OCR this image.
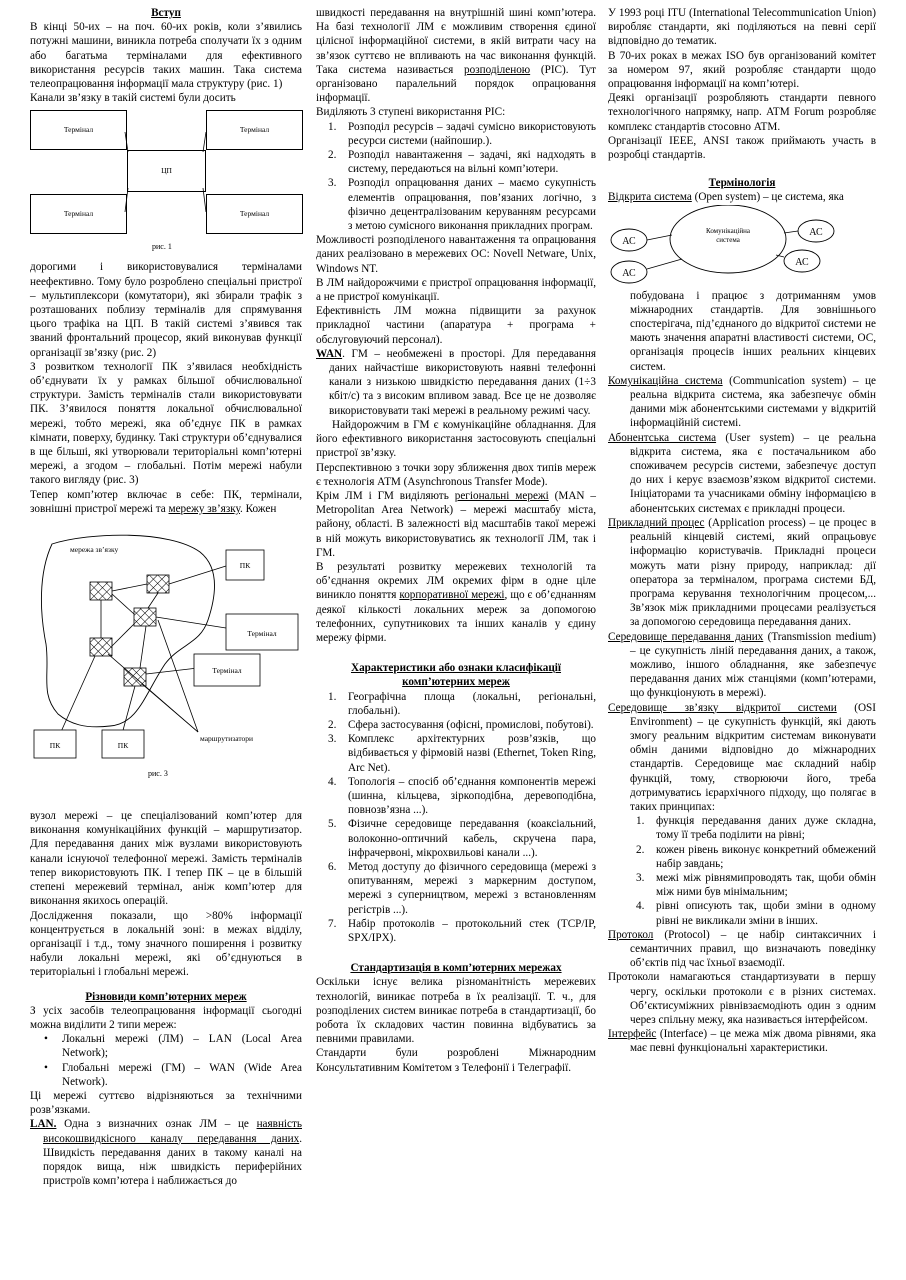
Вступ

В кінці 50-их – на поч. 60-их років, коли з’явились потужні машини, виникла потреба сполучати їх з одним або багатьма терміналами для ефективного використання ресурсів таких машин. Така система телеопрацювання інформації мала структуру (рис. 1)

Канали зв’язку в такій системі були досить

Термінал	Термінал
ЦП
Термінал	Термінал
рис. 1

дорогими і використовувалися терміналами неефективно. Тому було розроблено спеціальні пристрої – мультиплексори (комутатори), які збирали трафік з розташованих поблизу терміналів для спрямування цього трафіка на ЦП. В такій системі з’явився так званий фронтальний процесор, який виконував функції організації зв’язку (рис. 2)

З розвитком технології ПК з’явилася необхідність об’єднувати їх у рамках більшої обчислювальної структури. Замість терміналів стали використовувати ПК. З’явилося поняття локальної обчислювальної мережі, тобто мережі, яка об’єднує ПК в рамках кімнати, поверху, будинку. Такі структури об’єднувалися в ще більші, які утворювали територіальні комп’ютерні мережі, а згодом – глобальні. Потім мережі набули такого вигляду (рис. 3)

Тепер комп’ютер включає в себе: ПК, термінали, зовнішні пристрої мережі та мережу зв’язку. Кожен

мережа зв’язку
ПК
Термінал
Термінал
ПК	ПК
маршрутизатори
рис. 3

вузол мережі – це спеціалізований комп’ютер для виконання комунікаційних функцій – маршрутизатор. Для передавання даних між вузлами використовують канали існуючої телефонної мережі. Замість терміналів тепер використовують ПК. І тепер ПК – це в більшій степені мережевий термінал, аніж комп’ютер для виконання якихось операцій.

Дослідження показали, що >80% інформації концентрується в локальній зоні: в межах відділу, організації і т.д., тому значного поширення і розвитку набули локальні мережі, які об’єднуються в територіальні і глобальні мережі.

Різновиди комп’ютерних мереж

З усіх засобів телеопрацювання інформації сьогодні можна виділити 2 типи мереж:

• Локальні мережі (ЛМ) – LAN (Local Area Network);
• Глобальні мережі (ГМ) – WAN (Wide Area Network).

Ці мережі суттєво відрізняються за технічними розв’язками.

LAN. Одна з визначних ознак ЛМ – це наявність високошвидкісного каналу передавання даних. Швидкість передавання даних в такому каналі на порядок вища, ніж швидкість периферійних пристроїв комп’ютера і наближається до

швидкості передавання на внутрішній шині комп’ютера. На базі технології ЛМ є можливим створення єдиної цілісної інформаційної системи, в якій витрати часу на зв’язок суттєво не впливають на час виконання функцій. Така система називається розподіленою (РІС). Тут організовано паралельний порядок опрацювання інформації.

Виділяють 3 ступені використання РІС:

1. Розподіл ресурсів – задачі сумісно використовують ресурси системи (найпошир.).
2. Розподіл навантаження – задачі, які надходять в систему, передаються на вільні комп’ютери.
3. Розподіл опрацювання даних – маємо сукупність елементів опрацювання, пов’язаних логічно, з фізично децентралізованим керуванням ресурсами з метою сумісного виконання прикладних програм.

Можливості розподіленого навантаження та опрацювання даних реалізовано в мережевих ОС: Novell Netware, Unix, Windows NT.

В ЛМ найдорожчими є пристрої опрацювання інформації, а не пристрої комунікації.

Ефективність ЛМ можна підвищити за рахунок прикладної частини (апаратура + програма + обслуговуючий персонал).

WAN. ГМ – необмежені в просторі. Для передавання даних найчастіше використовують наявні телефонні канали з низькою швидкістю передавання даних (1÷3 кбіт/с) та з високим впливом завад. Все це не дозволяє використовувати такі мережі в реальному режимі часу.

Найдорожчим в ГМ є комунікаційне обладнання. Для його ефективного використання застосовують спеціальні пристрої зв’язку.

Перспективною з точки зору зближення двох типів мереж є технологія АТМ (Asynchronous Transfer Mode).

Крім ЛМ і ГМ виділяють регіональні мережі (MAN – Metropolitan Area Network) – мережі масштабу міста, району, області. В залежності від масштабів такої мережі в ній можуть використовуватись як технології ЛМ, так і ГМ.

В результаті розвитку мережевих технологій та об’єднання окремих ЛМ окремих фірм в одне ціле виникло поняття корпоративної мережі, що є об’єднанням деякої кількості локальних мереж за допомогою телефонних, супутникових та інших каналів у єдину мережу фірми.

Характеристики або ознаки класифікації комп’ютерних мереж

1. Географічна площа (локальні, регіональні, глобальні).
2. Сфера застосування (офісні, промислові, побутові).
3. Комплекс архітектурних розв’язків, що відбивається у фірмовій назві (Ethernet, Token Ring, Arc Net).
4. Топологія – спосіб об’єднання компонентів мережі (шинна, кільцева, зіркоподібна, деревоподібна, повнозв’язна ...).
5. Фізичне середовище передавання (коаксіальний, волоконно-оптичний кабель, скручена пара, інфрачервоні, мікрохвильові канали ...).
6. Метод доступу до фізичного середовища (мережі з опитуванням, мережі з маркерним доступом, мережі з суперництвом, мережі з встановленням регістрів ...).
7. Набір протоколів – протокольний стек (TCP/IP, SPX/IPX).

Стандартизація в комп’ютерних мережах

Оскільки існує велика різноманітність мережевих технологій, виникає потреба в їх реалізації. Т. ч., для розподілених систем виникає потреба в стандартизації, бо робота їх складових частин повинна відбуватись за певними правилами.

Стандарти були розроблені Міжнародним Консультативним Комітетом з Телефонії і Телеграфії.

У 1993 році ITU (International Telecommunication Union) виробляє стандарти, які поділяються на певні серії відповідно до тематик.

В 70-их роках в межах ISO був організований комітет за номером 97, який розробляє стандарти щодо опрацювання інформації на комп’ютері.

Деякі організації розробляють стандарти певного технологічного напрямку, напр. ATM Forum розробляє комплекс стандартів стосовно ATM.

Організації IEEE, ANSI також приймають участь в розробці стандартів.

Термінологія

Відкрита система (Open system) – це система, яка

Комунікаційна
система
АС
АС
АС
АС

побудована і працює з дотриманням умов міжнародних стандартів. Для зовнішнього спостерігача, під’єднаного до відкритої системи не мають значення апаратні властивості системи, ОС, організація процесів інших реальних кінцевих систем.

Комунікаційна система (Communication system) – це реальна відкрита система, яка забезпечує обмін даними між абонентськими системами у відкритій інформаційній системі.

Абонентська система (User system) – це реальна відкрита система, яка є постачальником або споживачем ресурсів системи, забезпечує доступ до них і керує взаємозв’язком відкритої системи. Ініціаторами та учасниками обміну інформацією в абонентських системах є прикладні процеси.

Прикладний процес (Application process) – це процес в реальній кінцевій системі, який опрацьовує інформацію користувачів. Прикладні процеси можуть мати різну природу, наприклад: дії оператора за терміналом, програма системи БД, програма керування технологічним процесом,... Зв’язок між прикладними процесами реалізується за допомогою середовища передавання даних.

Середовище передавання даних (Transmission medium) – це сукупність ліній передавання даних, а також, можливо, іншого обладнання, яке забезпечує передавання даних між станціями (комп’ютерами, що функціонують в мережі).

Середовище зв’язку відкритої системи (OSI Environment) – це сукупність функцій, які дають змогу реальним відкритим системам виконувати обмін даними відповідно до міжнародних стандартів. Середовище має складний набір функцій, тому, створюючи його, треба дотримуватись ієрархічного підходу, що полягає в таких принципах:

1. функція передавання даних дуже складна, тому її треба поділити на рівні;
2. кожен рівень виконує конкретний обмежений набір завдань;
3. межі між рівнямипроводять так, щоби обмін між ними був мінімальним;
4. рівні описують так, щоби зміни в одному рівні не викликали зміни в інших.

Протокол (Protocol) – це набір синтаксичних і семантичних правил, що визначають поведінку об’єктів під час їхньої взаємодії.

Протоколи намагаються стандартизувати в першу чергу, оскільки протоколи є в різних системах. Об’єктисуміжних рівнівзаємодіють один з одним через спільну межу, яка називається інтерфейсом.

Інтерфейс (Interface) – це межа між двома рівнями, яка має певні функціональні характеристики.
